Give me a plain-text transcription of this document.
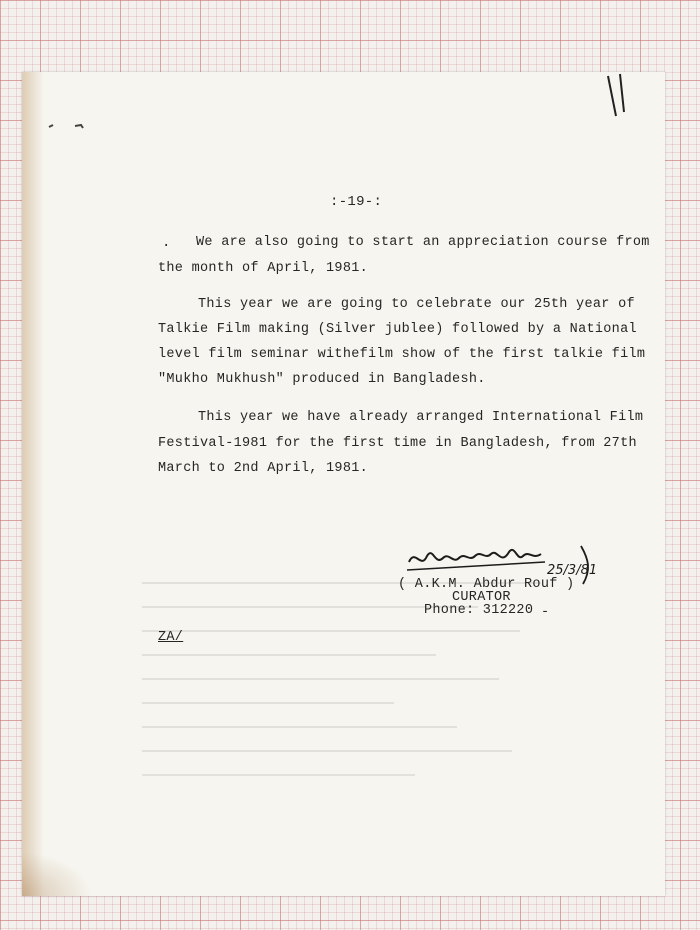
:-19-:
. We are also going to start an appreciation course from
the month of April, 1981.
This year we are going to celebrate our 25th year of
Talkie Film making (Silver jublee) followed by a National
level film seminar withefilm show of the first talkie film
"Mukho Mukhush" produced in Bangladesh.
This year we have already arranged International Film
Festival-1981 for the first time in Bangladesh, from 27th
March to 2nd April, 1981.
25/3/81
( A.K.M. Abdur Rouf )
CURATOR
Phone: 312220 -
ZA/
